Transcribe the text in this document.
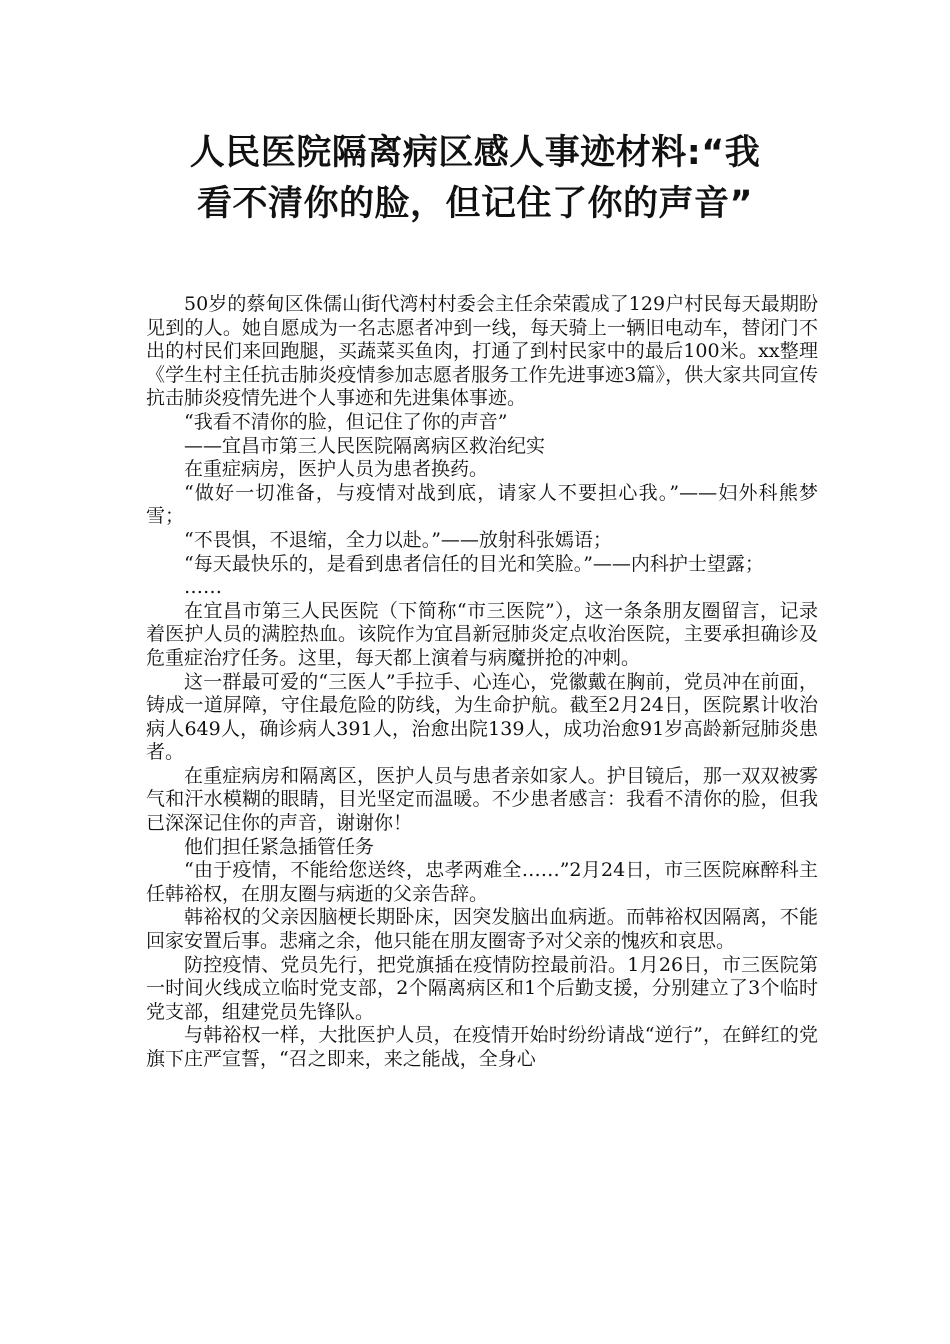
人民医院隔离病区感人事迹材料:“我
看不清你的脸，但记住了你的声音”

50岁的蔡甸区侏儒山街代湾村村委会主任余荣霞成了129户村民每天最期盼见到的人。她自愿成为一名志愿者冲到一线，每天骑上一辆旧电动车，替闭门不出的村民们来回跑腿，买蔬菜买鱼肉，打通了到村民家中的最后100米。xx整理《学生村主任抗击肺炎疫情参加志愿者服务工作先进事迹3篇》，供大家共同宣传抗击肺炎疫情先进个人事迹和先进集体事迹。

“我看不清你的脸，但记住了你的声音”

——宜昌市第三人民医院隔离病区救治纪实

在重症病房，医护人员为患者换药。

“做好一切准备，与疫情对战到底，请家人不要担心我。”——妇外科熊梦雪；

“不畏惧，不退缩，全力以赴。”——放射科张嫣语；

“每天最快乐的，是看到患者信任的目光和笑脸。”——内科护士望露；

……

在宜昌市第三人民医院（下简称“市三医院”），这一条条朋友圈留言，记录着医护人员的满腔热血。该院作为宜昌新冠肺炎定点收治医院，主要承担确诊及危重症治疗任务。这里，每天都上演着与病魔拼抢的冲刺。

这一群最可爱的“三医人”手拉手、心连心，党徽戴在胸前，党员冲在前面，铸成一道屏障，守住最危险的防线，为生命护航。截至2月24日，医院累计收治病人649人，确诊病人391人，治愈出院139人，成功治愈91岁高龄新冠肺炎患者。

在重症病房和隔离区，医护人员与患者亲如家人。护目镜后，那一双双被雾气和汗水模糊的眼睛，目光坚定而温暖。不少患者感言：我看不清你的脸，但我已深深记住你的声音，谢谢你！

他们担任紧急插管任务

“由于疫情，不能给您送终，忠孝两难全……”2月24日，市三医院麻醉科主任韩裕权，在朋友圈与病逝的父亲告辞。

韩裕权的父亲因脑梗长期卧床，因突发脑出血病逝。而韩裕权因隔离，不能回家安置后事。悲痛之余，他只能在朋友圈寄予对父亲的愧疚和哀思。

防控疫情、党员先行，把党旗插在疫情防控最前沿。1月26日，市三医院第一时间火线成立临时党支部，2个隔离病区和1个后勤支援，分别建立了3个临时党支部，组建党员先锋队。

与韩裕权一样，大批医护人员，在疫情开始时纷纷请战“逆行”，在鲜红的党旗下庄严宣誓，“召之即来，来之能战，全身心
